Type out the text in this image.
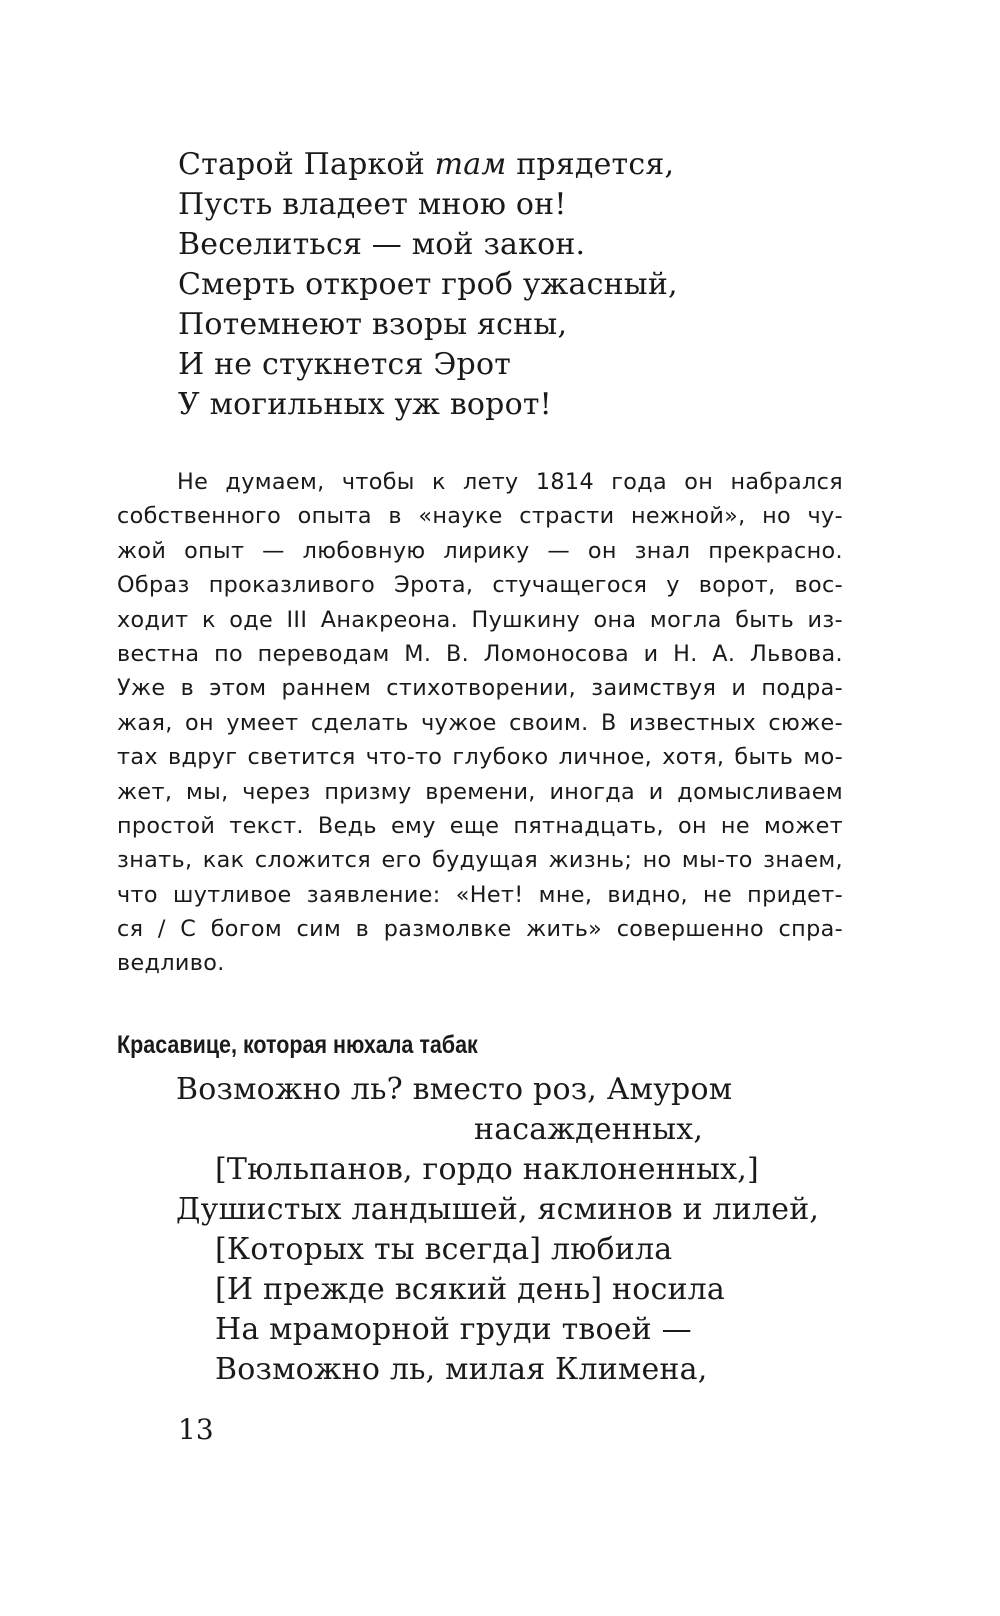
Старой Паркой там прядется,
Пусть владеет мною он!
Веселиться — мой закон.
Смерть откроет гроб ужасный,
Потемнеют взоры ясны,
И не стукнется Эрот
У могильных уж ворот!
Не думаем, чтобы к лету 1814 года он набрался
собственного опыта в «науке страсти нежной», но чу-
жой опыт — любовную лирику — он знал прекрасно.
Образ проказливого Эрота, стучащегося у ворот, вос-
ходит к оде III Анакреона. Пушкину она могла быть из-
вестна по переводам М. В. Ломоносова и Н. А. Львова.
Уже в этом раннем стихотворении, заимствуя и подра-
жая, он умеет сделать чужое своим. В известных сюже-
тах вдруг светится что-то глубоко личное, хотя, быть мо-
жет, мы, через призму времени, иногда и домысливаем
простой текст. Ведь ему еще пятнадцать, он не может
знать, как сложится его будущая жизнь; но мы-то знаем,
что шутливое заявление: «Нет! мне, видно, не придет-
ся / С богом сим в размолвке жить» совершенно спра-
ведливо.
Красавице, которая нюхала табак
Возможно ль? вместо роз, Амуром
насажденных,
[Тюльпанов, гордо наклоненных,]
Душистых ландышей, ясминов и лилей,
[Которых ты всегда] любила
[И прежде всякий день] носила
На мраморной груди твоей —
Возможно ль, милая Климена,
13
